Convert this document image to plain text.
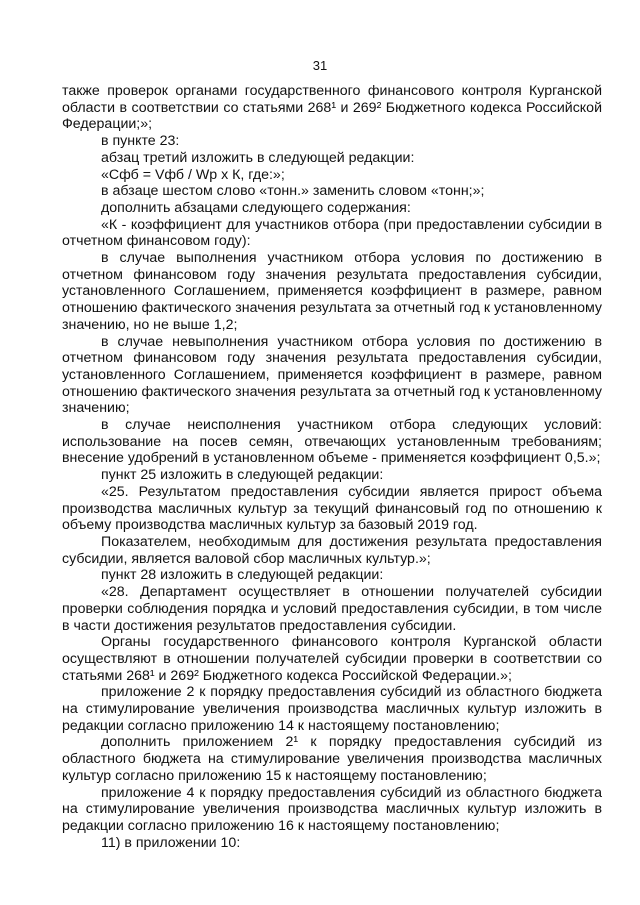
31

также проверок органами государственного финансового контроля Курганской области в соответствии со статьями 268¹ и 269² Бюджетного кодекса Российской Федерации;»;

в пункте 23:

абзац третий изложить в следующей редакции:

«Сфб = Vфб / Wр х К, где:»;

в абзаце шестом слово «тонн.» заменить словом «тонн;»;

дополнить абзацами следующего содержания:

«К - коэффициент для участников отбора (при предоставлении субсидии в отчетном финансовом году):

в случае выполнения участником отбора условия по достижению в отчетном финансовом году значения результата предоставления субсидии, установленного Соглашением, применяется коэффициент в размере, равном отношению фактического значения результата за отчетный год к установленному значению, но не выше 1,2;

в случае невыполнения участником отбора условия по достижению в отчетном финансовом году значения результата предоставления субсидии, установленного Соглашением, применяется коэффициент в размере, равном отношению фактического значения результата за отчетный год к установленному значению;

в случае неисполнения участником отбора следующих условий: использование на посев семян, отвечающих установленным требованиям; внесение удобрений в установленном объеме - применяется коэффициент 0,5.»;

пункт 25 изложить в следующей редакции:

«25. Результатом предоставления субсидии является прирост объема производства масличных культур за текущий финансовый год по отношению к объему производства масличных культур за базовый 2019 год.

Показателем, необходимым для достижения результата предоставления субсидии, является валовой сбор масличных культур.»;

пункт 28 изложить в следующей редакции:

«28. Департамент осуществляет в отношении получателей субсидии проверки соблюдения порядка и условий предоставления субсидии, в том числе в части достижения результатов предоставления субсидии.

Органы государственного финансового контроля Курганской области осуществляют в отношении получателей субсидии проверки в соответствии со статьями 268¹ и 269² Бюджетного кодекса Российской Федерации.»;

приложение 2 к порядку предоставления субсидий из областного бюджета на стимулирование увеличения производства масличных культур изложить в редакции согласно приложению 14 к настоящему постановлению;

дополнить приложением 2¹ к порядку предоставления субсидий из областного бюджета на стимулирование увеличения производства масличных культур согласно приложению 15 к настоящему постановлению;

приложение 4 к порядку предоставления субсидий из областного бюджета на стимулирование увеличения производства масличных культур изложить в редакции согласно приложению 16 к настоящему постановлению;

11) в приложении 10:
